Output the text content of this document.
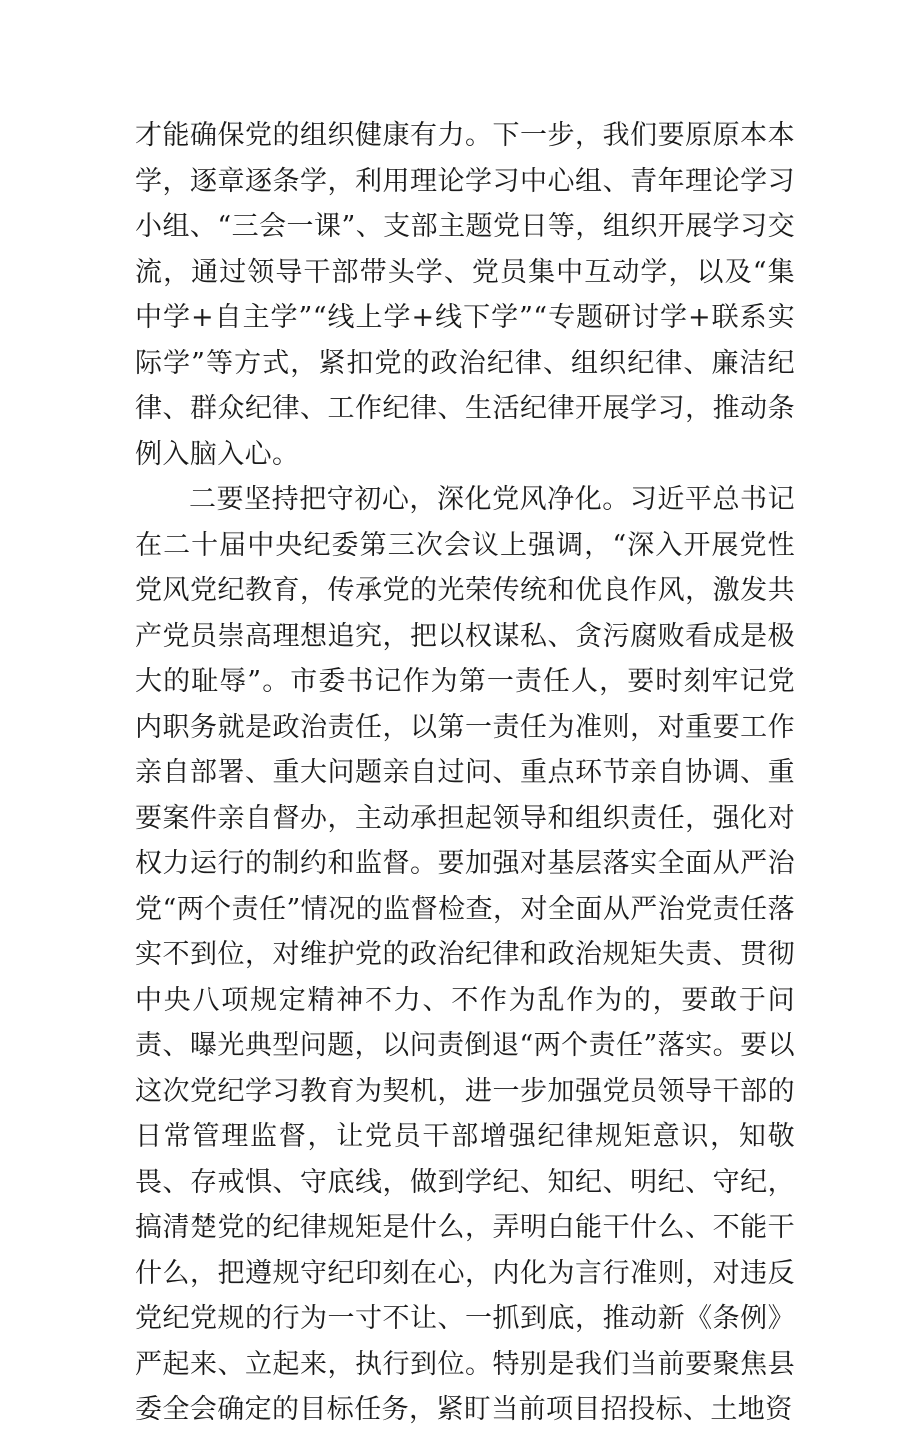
才能确保党的组织健康有力。下一步，我们要原原本本学，逐章逐条学，利用理论学习中心组、青年理论学习小组、“三会一课”、支部主题党日等，组织开展学习交流，通过领导干部带头学、党员集中互动学，以及“集中学+自主学”“线上学+线下学”“专题研讨学+联系实际学”等方式，紧扣党的政治纪律、组织纪律、廉洁纪律、群众纪律、工作纪律、生活纪律开展学习，推动条例入脑入心。

二要坚持把守初心，深化党风净化。习近平总书记在二十届中央纪委第三次会议上强调，“深入开展党性党风党纪教育，传承党的光荣传统和优良作风，激发共产党员崇高理想追究，把以权谋私、贪污腐败看成是极大的耻辱”。市委书记作为第一责任人，要时刻牢记党内职务就是政治责任，以第一责任为准则，对重要工作亲自部署、重大问题亲自过问、重点环节亲自协调、重要案件亲自督办，主动承担起领导和组织责任，强化对权力运行的制约和监督。要加强对基层落实全面从严治党“两个责任”情况的监督检查，对全面从严治党责任落实不到位，对维护党的政治纪律和政治规矩失责、贯彻中央八项规定精神不力、不作为乱作为的，要敢于问责、曝光典型问题，以问责倒退“两个责任”落实。要以这次党纪学习教育为契机，进一步加强党员领导干部的日常管理监督，让党员干部增强纪律规矩意识，知敬畏、存戒惧、守底线，做到学纪、知纪、明纪、守纪，搞清楚党的纪律规矩是什么，弄明白能干什么、不能干什么，把遵规守纪印刻在心，内化为言行准则，对违反党纪党规的行为一寸不让、一抓到底，推动新《条例》严起来、立起来，执行到位。特别是我们当前要聚焦县委全会确定的目标任务，紧盯当前项目招投标、土地资
